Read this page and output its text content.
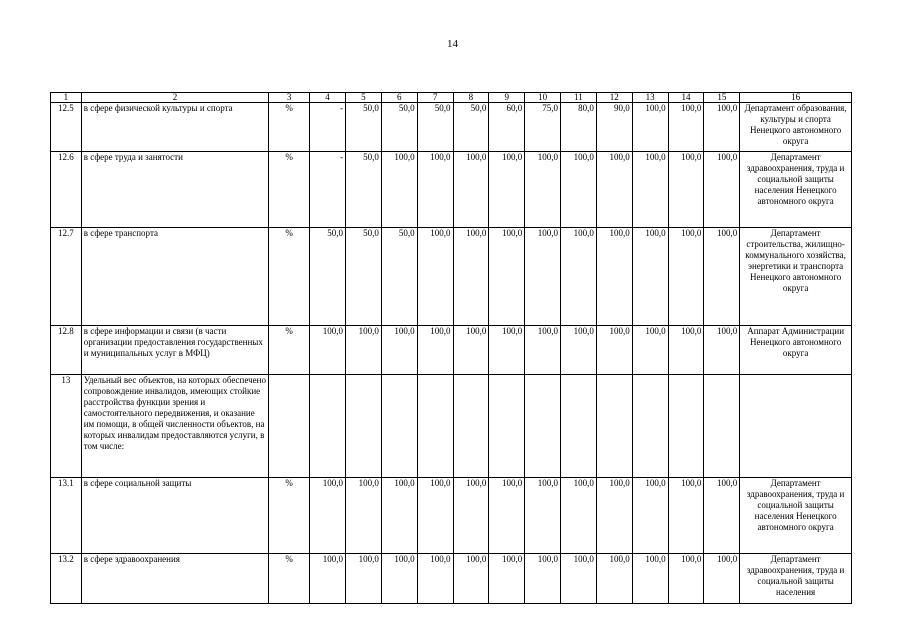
14
1	2	3	4	5	6	7	8	9	10	11	12	13	14	15	16
12.5	в сфере физической культуры и спорта	%	-	50,0	50,0	50,0	50,0	60,0	75,0	80,0	90,0	100,0	100,0	100,0	Департамент образования, культуры и спорта Ненецкого автономного округа
12.6	в сфере труда и занятости	%	-	50,0	100,0	100,0	100,0	100,0	100,0	100,0	100,0	100,0	100,0	100,0	Департамент здравоохранения, труда и социальной защиты населения Ненецкого автономного округа
12.7	в сфере транспорта	%	50,0	50,0	50,0	100,0	100,0	100,0	100,0	100,0	100,0	100,0	100,0	100,0	Департамент строительства, жилищно-коммунального хозяйства, энергетики и транспорта Ненецкого автономного округа
12.8	в сфере информации и связи (в части организации предоставления государственных и муниципальных услуг в МФЦ)	%	100,0	100,0	100,0	100,0	100,0	100,0	100,0	100,0	100,0	100,0	100,0	100,0	Аппарат Администрации Ненецкого автономного округа
13	Удельный вес объектов, на которых обеспечено сопровождение инвалидов, имеющих стойкие расстройства функции зрения и самостоятельного передвижения, и оказание им помощи, в общей численности объектов, на которых инвалидам предоставляются услуги, в том числе:														
13.1	в сфере социальной защиты	%	100,0	100,0	100,0	100,0	100,0	100,0	100,0	100,0	100,0	100,0	100,0	100,0	Департамент здравоохранения, труда и социальной защиты населения Ненецкого автономного округа
13.2	в сфере здравоохранения	%	100,0	100,0	100,0	100,0	100,0	100,0	100,0	100,0	100,0	100,0	100,0	100,0	Департамент здравоохранения, труда и социальной защиты населения
